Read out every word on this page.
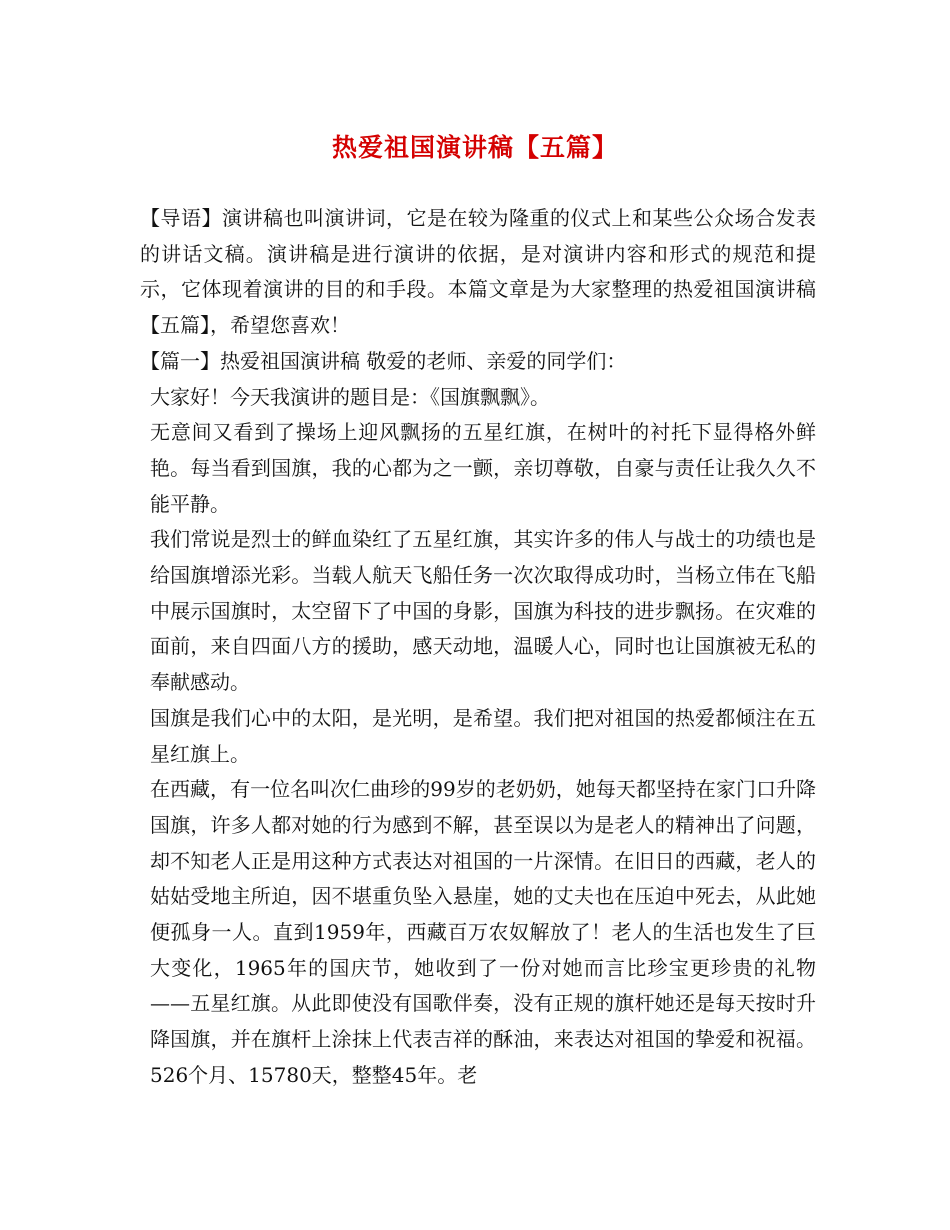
热爱祖国演讲稿【五篇】

【导语】演讲稿也叫演讲词，它是在较为隆重的仪式上和某些公众场合发表的讲话文稿。演讲稿是进行演讲的依据，是对演讲内容和形式的规范和提示，它体现着演讲的目的和手段。本篇文章是为大家整理的热爱祖国演讲稿【五篇】，希望您喜欢！

【篇一】热爱祖国演讲稿 敬爱的老师、亲爱的同学们：

大家好！今天我演讲的题目是：《国旗飘飘》。

无意间又看到了操场上迎风飘扬的五星红旗，在树叶的衬托下显得格外鲜艳。每当看到国旗，我的心都为之一颤，亲切尊敬，自豪与责任让我久久不能平静。

我们常说是烈士的鲜血染红了五星红旗，其实许多的伟人与战士的功绩也是给国旗增添光彩。当载人航天飞船任务一次次取得成功时，当杨立伟在飞船中展示国旗时，太空留下了中国的身影，国旗为科技的进步飘扬。在灾难的面前，来自四面八方的援助，感天动地，温暖人心，同时也让国旗被无私的奉献感动。

国旗是我们心中的太阳，是光明，是希望。我们把对祖国的热爱都倾注在五星红旗上。

在西藏，有一位名叫次仁曲珍的99岁的老奶奶，她每天都坚持在家门口升降国旗，许多人都对她的行为感到不解，甚至误以为是老人的精神出了问题，却不知老人正是用这种方式表达对祖国的一片深情。在旧日的西藏，老人的姑姑受地主所迫，因不堪重负坠入悬崖，她的丈夫也在压迫中死去，从此她便孤身一人。直到1959年，西藏百万农奴解放了！老人的生活也发生了巨大变化，1965年的国庆节，她收到了一份对她而言比珍宝更珍贵的礼物——五星红旗。从此即使没有国歌伴奏，没有正规的旗杆她还是每天按时升降国旗，并在旗杆上涂抹上代表吉祥的酥油，来表达对祖国的挚爱和祝福。526个月、15780天，整整45年。老
